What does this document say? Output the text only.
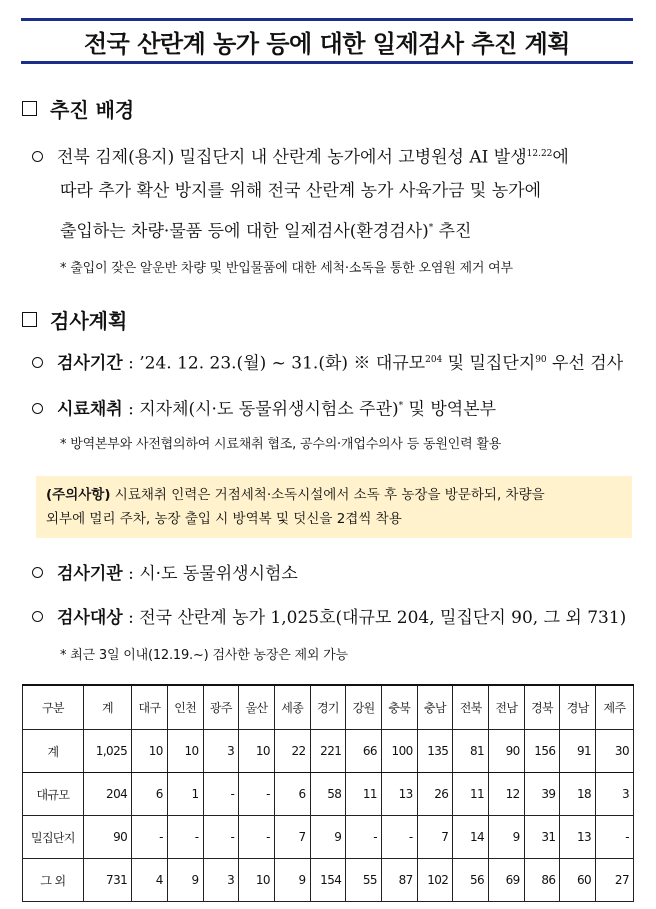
전국 산란계 농가 등에 대한 일제검사 추진 계획
추진 배경
전북 김제(용지) 밀집단지 내 산란계 농가에서 고병원성 AI 발생$^{12.22}$에
따라 추가 확산 방지를 위해 전국 산란계 농가 사육가금 및 농가에
출입하는 차량·물품 등에 대한 일제검사(환경검사)* 추진
* 출입이 잦은 알운반 차량 및 반입물품에 대한 세척·소독을 통한 오염원 제거 여부
검사계획
검사기간 : ’24. 12. 23.(월) ~ 31.(화) ※ 대규모$^{204}$ 및 밀집단지$^{90}$ 우선 검사
시료채취 : 지자체(시·도 동물위생시험소 주관)* 및 방역본부
* 방역본부와 사전협의하여 시료채취 협조, 공수의·개업수의사 등 동원인력 활용
(주의사항) 시료채취 인력은 거점세척·소독시설에서 소독 후 농장을 방문하되, 차량을
외부에 멀리 주차, 농장 출입 시 방역복 및 덧신을 2겹씩 착용
검사기관 : 시·도 동물위생시험소
검사대상 : 전국 산란계 농가 1,025호(대규모 204, 밀집단지 90, 그 외 731)
* 최근 3일 이내(12.19.~) 검사한 농장은 제외 가능
구분	계	대구	인천	광주	울산	세종	경기	강원	충북	충남	전북	전남	경북	경남	제주
계	1,025	10	10	3	10	22	221	66	100	135	81	90	156	91	30
대규모	204	6	1	-	-	6	58	11	13	26	11	12	39	18	3
밀집단지	90	-	-	-	-	7	9	-	-	7	14	9	31	13	-
그 외	731	4	9	3	10	9	154	55	87	102	56	69	86	60	27
